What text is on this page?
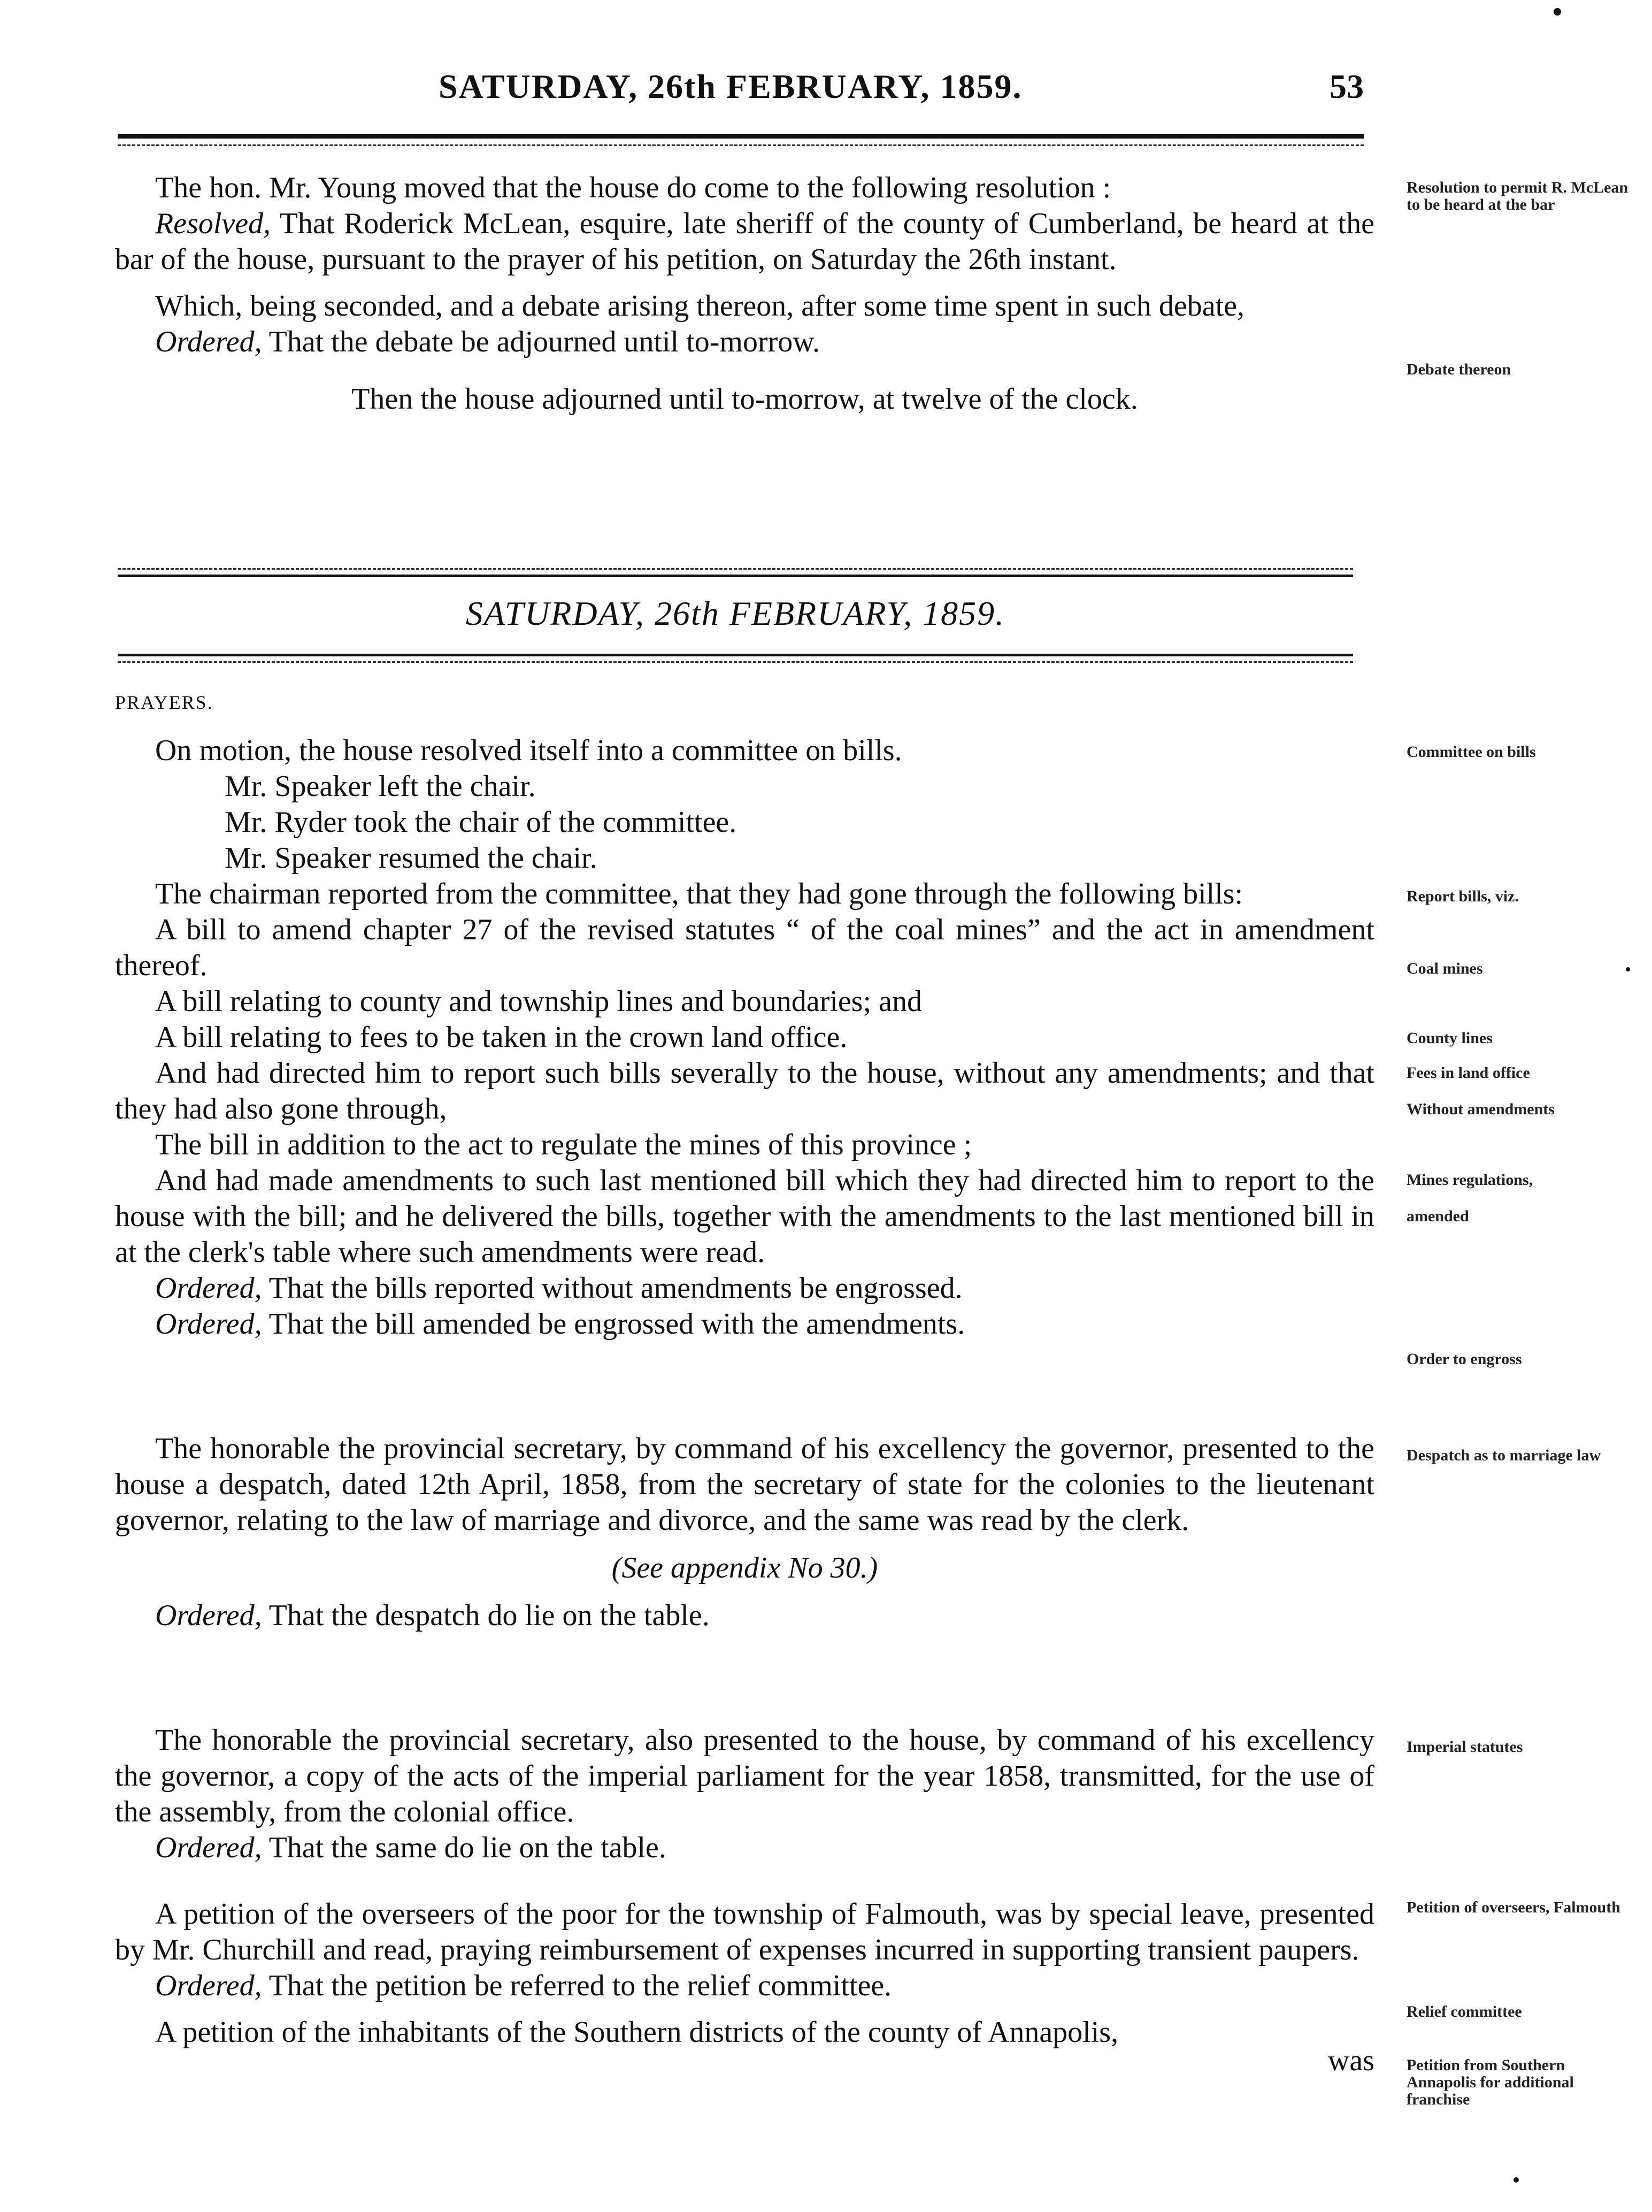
SATURDAY, 26th FEBRUARY, 1859.	53

The hon. Mr. Young moved that the house do come to the following resolution :

Resolved, That Roderick McLean, esquire, late sheriff of the county of Cumberland, be heard at the bar of the house, pursuant to the prayer of his petition, on Saturday the 26th instant.

Which, being seconded, and a debate arising thereon, after some time spent in such debate,

Ordered, That the debate be adjourned until to-morrow.

Then the house adjourned until to-morrow, at twelve of the clock.

SATURDAY, 26th FEBRUARY, 1859.
PRAYERS.

On motion, the house resolved itself into a committee on bills.

Mr. Speaker left the chair.

Mr. Ryder took the chair of the committee.

Mr. Speaker resumed the chair.

The chairman reported from the committee, that they had gone through the following bills:

A bill to amend chapter 27 of the revised statutes “ of the coal mines” and the act in amendment thereof.

A bill relating to county and township lines and boundaries; and

A bill relating to fees to be taken in the crown land office.

And had directed him to report such bills severally to the house, without any amendments; and that they had also gone through,

The bill in addition to the act to regulate the mines of this province ;

And had made amendments to such last mentioned bill which they had directed him to report to the house with the bill; and he delivered the bills, together with the amendments to the last mentioned bill in at the clerk's table where such amendments were read.

Ordered, That the bills reported without amendments be engrossed.

Ordered, That the bill amended be engrossed with the amendments.

The honorable the provincial secretary, by command of his excellency the governor, presented to the house a despatch, dated 12th April, 1858, from the secretary of state for the colonies to the lieutenant governor, relating to the law of marriage and divorce, and the same was read by the clerk.

(See appendix No 30.)

Ordered, That the despatch do lie on the table.

The honorable the provincial secretary, also presented to the house, by command of his excellency the governor, a copy of the acts of the imperial parliament for the year 1858, transmitted, for the use of the assembly, from the colonial office.

Ordered, That the same do lie on the table.

A petition of the overseers of the poor for the township of Falmouth, was by special leave, presented by Mr. Churchill and read, praying reimbursement of expenses incurred in supporting transient paupers.

Ordered, That the petition be referred to the relief committee.

A petition of the inhabitants of the Southern districts of the county of Annapolis,

was

Resolution to permit R. McLean to be heard at the bar
Debate thereon
Committee on bills
Report bills, viz.
Coal mines
County lines
Fees in land office
Without amendments
Mines regulations,
amended
Order to engross
Despatch as to marriage law
Imperial statutes
Petition of overseers, Falmouth
Relief committee
Petition from Southern Annapolis for additional franchise
